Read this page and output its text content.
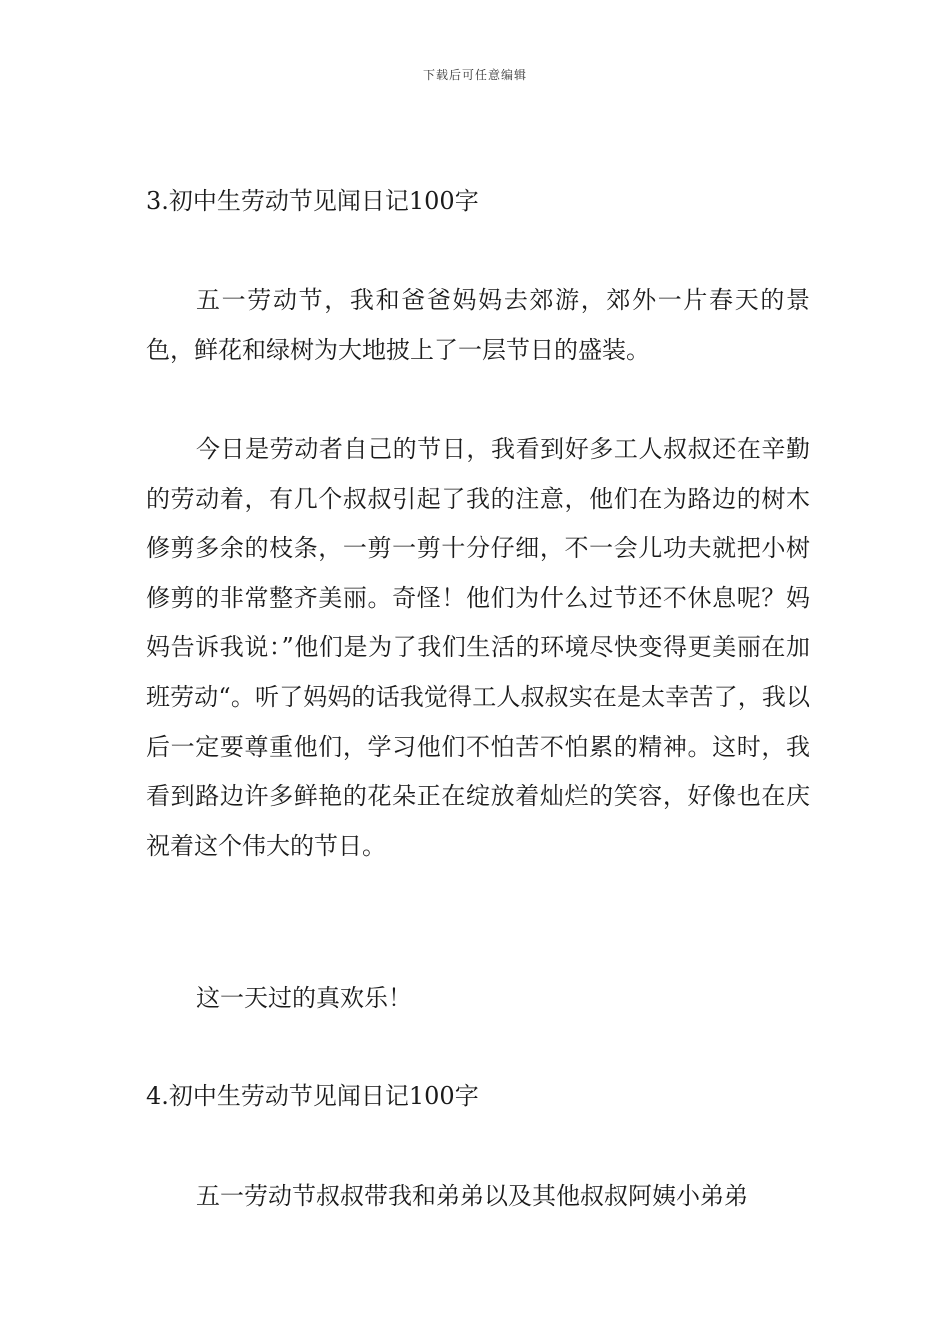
下载后可任意编辑
3.初中生劳动节见闻日记100字
五一劳动节，我和爸爸妈妈去郊游，郊外一片春天的景色，鲜花和绿树为大地披上了一层节日的盛装。
今日是劳动者自己的节日，我看到好多工人叔叔还在辛勤的劳动着，有几个叔叔引起了我的注意，他们在为路边的树木修剪多余的枝条，一剪一剪十分仔细，不一会儿功夫就把小树修剪的非常整齐美丽。奇怪！他们为什么过节还不休息呢？妈妈告诉我说：”他们是为了我们生活的环境尽快变得更美丽在加班劳动“。听了妈妈的话我觉得工人叔叔实在是太幸苦了，我以后一定要尊重他们，学习他们不怕苦不怕累的精神。这时，我看到路边许多鲜艳的花朵正在绽放着灿烂的笑容，好像也在庆祝着这个伟大的节日。
这一天过的真欢乐！
4.初中生劳动节见闻日记100字
五一劳动节叔叔带我和弟弟以及其他叔叔阿姨小弟弟
